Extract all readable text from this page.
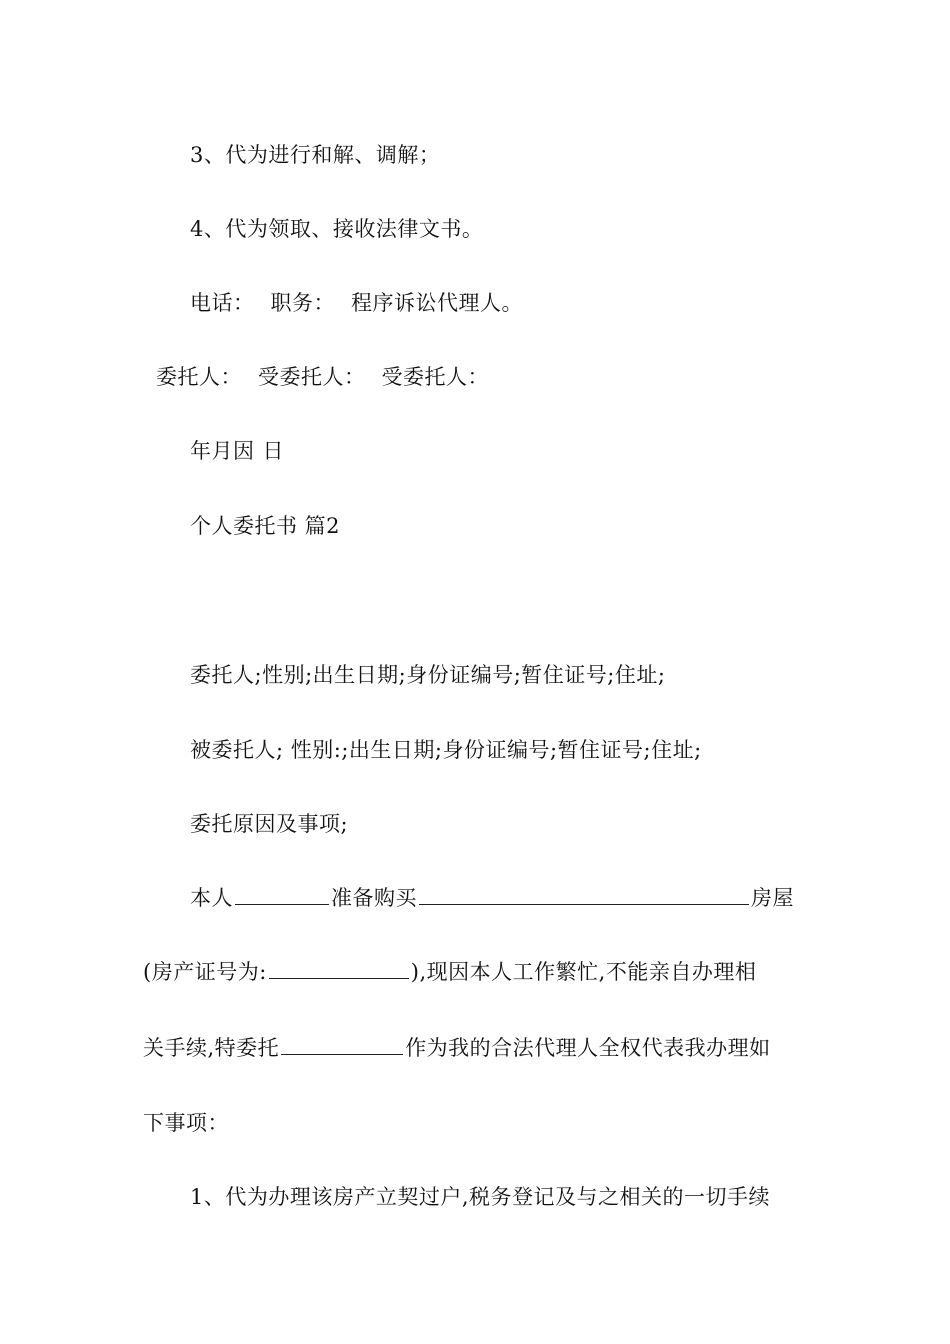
3、代为进行和解、调解；
4、代为领取、接收法律文书。
电话： 职务： 程序诉讼代理人。
委托人： 受委托人： 受委托人：
年月因 日
个人委托书 篇2
委托人;性别;出生日期;身份证编号;暂住证号;住址;
被委托人; 性别:;出生日期;身份证编号;暂住证号;住址;
委托原因及事项;
本人	准备购买	房屋
(房产证号为:	),现因本人工作繁忙,不能亲自办理相
关手续,特委托	作为我的合法代理人全权代表我办理如
下事项：
1、代为办理该房产立契过户,税务登记及与之相关的一切手续
